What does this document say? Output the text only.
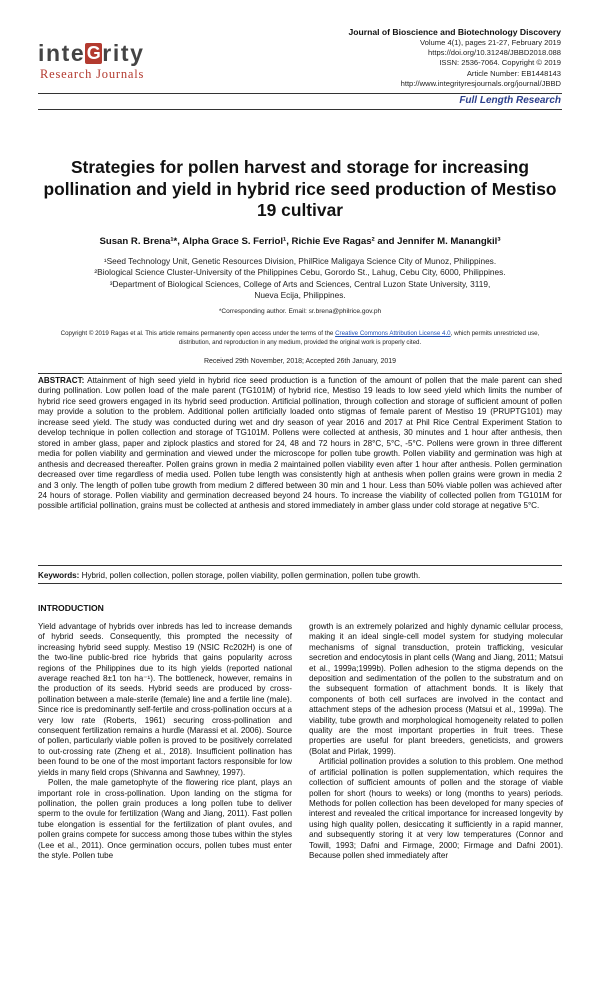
inteGrity
Research Journals
Journal of Bioscience and Biotechnology Discovery
Volume 4(1), pages 21-27, February 2019
https://doi.org/10.31248/JBBD2018.088
ISSN: 2536-7064. Copyright © 2019
Article Number: EB1448143
http://www.integrityresjournals.org/journal/JBBD
Full Length Research
Strategies for pollen harvest and storage for increasing pollination and yield in hybrid rice seed production of Mestiso 19 cultivar
Susan R. Brena¹*, Alpha Grace S. Ferriol¹, Richie Eve Ragas² and Jennifer M. Manangkil³
¹Seed Technology Unit, Genetic Resources Division, PhilRice Maligaya Science City of Munoz, Philippines.
²Biological Science Cluster-University of the Philippines Cebu, Gorordo St., Lahug, Cebu City, 6000, Philippines.
³Department of Biological Sciences, College of Arts and Sciences, Central Luzon State University, 3119,
Nueva Ecija, Philippines.
*Corresponding author. Email: sr.brena@philrice.gov.ph
Copyright © 2019 Ragas et al. This article remains permanently open access under the terms of the Creative Commons Attribution License 4.0, which permits unrestricted use, distribution, and reproduction in any medium, provided the original work is properly cited.
Received 29th November, 2018; Accepted 26th January, 2019
ABSTRACT: Attainment of high seed yield in hybrid rice seed production is a function of the amount of pollen that the male parent can shed during pollination. Low pollen load of the male parent (TG101M) of hybrid rice, Mestiso 19 leads to low seed yield which limits the number of hybrid rice seed growers engaged in its hybrid seed production. Artificial pollination, through collection and storage of sufficient amount of pollen may provide a solution to the problem. Additional pollen artificially loaded onto stigmas of female parent of Mestiso 19 (PRUPTG101) may increase seed yield. The study was conducted during wet and dry season of year 2016 and 2017 at Phil Rice Central Experiment Station to develop technique in pollen collection and storage of TG101M. Pollens were collected at anthesis, 30 minutes and 1 hour after anthesis, then stored in amber glass, paper and ziplock plastics and stored for 24, 48 and 72 hours in 28°C, 5°C, -5°C. Pollens were grown in three different media for pollen viability and germination and viewed under the microscope for pollen tube growth. Pollen viability and germination was high at anthesis and decreased thereafter. Pollen grains grown in media 2 maintained pollen viability even after 1 hour after anthesis. Pollen germination decreased over time regardless of media used. Pollen tube length was consistently high at anthesis when pollen grains were grown in media 2 and 3 only. The length of pollen tube growth from medium 2 differed between 30 min and 1 hour. Less than 50% viable pollen was achieved after 24 hours of storage. Pollen viability and germination decreased beyond 24 hours. To increase the viability of collected pollen from TG101M for possible artificial pollination, grains must be collected at anthesis and stored immediately in amber glass under cold storage at negative 5°C.
Keywords: Hybrid, pollen collection, pollen storage, pollen viability, pollen germination, pollen tube growth.
INTRODUCTION

Yield advantage of hybrids over inbreds has led to increase demands of hybrid seeds. Consequently, this prompted the necessity of increasing hybrid seed supply. Mestiso 19 (NSIC Rc202H) is one of the two-line public-bred rice hybrids that gains popularity across regions of the Philippines due to its high yields (reported national average reached 8±1 ton ha⁻¹). The bottleneck, however, remains in the production of its seeds. Hybrid seeds are produced by cross-pollination between a male-sterile (female) line and a fertile line (male). Since rice is predominantly self-fertile and cross-pollination occurs at a very low rate (Roberts, 1961) securing cross-pollination and consequent fertilization remains a hurdle (Marassi et al. 2006). Source of pollen, particularly viable pollen is proved to be positively correlated to out-crossing rate (Zheng et al., 2018). Insufficient pollination has been found to be one of the most important factors responsible for low yields in many field crops (Shivanna and Sawhney, 1997).

Pollen, the male gametophyte of the flowering rice plant, plays an important role in cross-pollination. Upon landing on the stigma for pollination, the pollen grain produces a long pollen tube to deliver sperm to the ovule for fertilization (Wang and Jiang, 2011). Fast pollen tube elongation is essential for the fertilization of plant ovules, and pollen grains compete for success among those tubes within the styles (Lee et al., 2011). Once germination occurs, pollen tubes must enter the style. Pollen tube

growth is an extremely polarized and highly dynamic cellular process, making it an ideal single-cell model system for studying molecular mechanisms of signal transduction, protein trafficking, vesicular secretion and endocytosis in plant cells (Wang and Jiang, 2011; Matsui et al., 1999a;1999b). Pollen adhesion to the stigma depends on the deposition and sedimentation of the pollen to the substratum and on the subsequent formation of attachment bonds. It is likely that components of both cell surfaces are involved in the contact and attachment steps of the adhesion process (Matsui et al., 1999a). The viability, tube growth and morphological homogeneity related to pollen quality are the most important properties in fruit trees. These properties are useful for plant breeders, geneticists, and growers (Bolat and Pirlak, 1999).

Artificial pollination provides a solution to this problem. One method of artificial pollination is pollen supplementation, which requires the collection of sufficient amounts of pollen and the storage of viable pollen for short (hours to weeks) or long (months to years) periods. Methods for pollen collection has been developed for many species of interest and revealed the critical importance for increased longevity by using high quality pollen, desiccating it sufficiently in a rapid manner, and subsequently storing it at very low temperatures (Connor and Towill, 1993; Dafni and Firmage, 2000; Firmage and Dafni 2001). Because pollen shed immediately after
